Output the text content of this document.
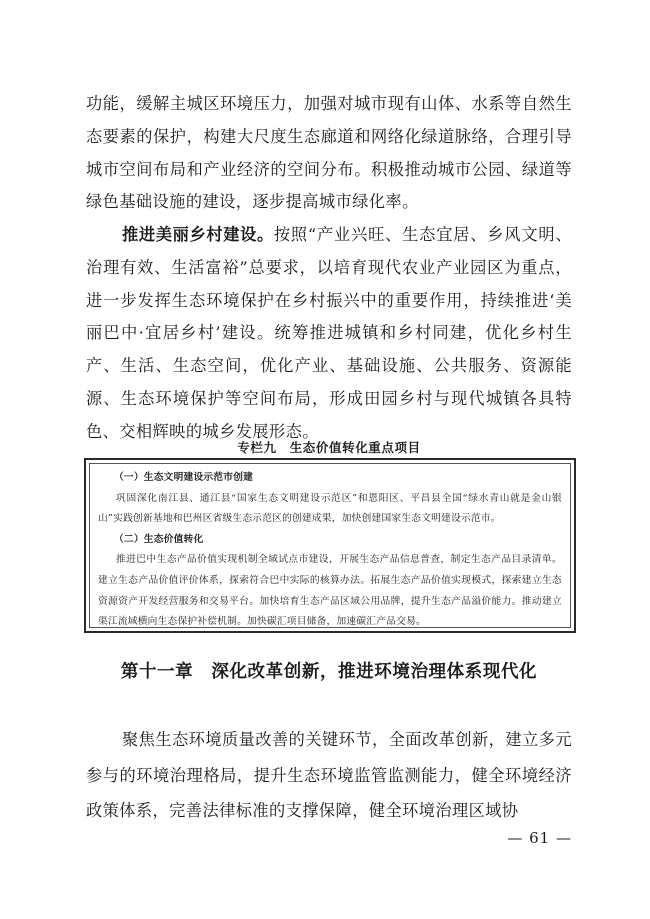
功能，缓解主城区环境压力，加强对城市现有山体、水系等自然生态要素的保护，构建大尺度生态廊道和网络化绿道脉络，合理引导城市空间布局和产业经济的空间分布。积极推动城市公园、绿道等绿色基础设施的建设，逐步提高城市绿化率。

推进美丽乡村建设。按照“产业兴旺、生态宜居、乡风文明、治理有效、生活富裕”总要求，以培育现代农业产业园区为重点，进一步发挥生态环境保护在乡村振兴中的重要作用，持续推进‘美丽巴中·宜居乡村’建设。统筹推进城镇和乡村同建，优化乡村生产、生活、生态空间，优化产业、基础设施、公共服务、资源能源、生态环境保护等空间布局，形成田园乡村与现代城镇各具特色、交相辉映的城乡发展形态。

专栏九　生态价值转化重点项目

（一）生态文明建设示范市创建

巩固深化南江县、通江县“国家生态文明建设示范区”和恩阳区、平昌县全国“绿水青山就是金山银山”实践创新基地和巴州区省级生态示范区的创建成果，加快创建国家生态文明建设示范市。

（二）生态价值转化

推进巴中生态产品价值实现机制全域试点市建设，开展生态产品信息普查，制定生态产品目录清单。建立生态产品价值评价体系，探索符合巴中实际的核算办法。拓展生态产品价值实现模式，探索建立生态资源资产开发经营服务和交易平台。加快培育生态产品区域公用品牌，提升生态产品溢价能力。推动建立渠江流域横向生态保护补偿机制。加快碳汇项目储备，加速碳汇产品交易。

第十一章　深化改革创新，推进环境治理体系现代化

聚焦生态环境质量改善的关键环节，全面改革创新，建立多元参与的环境治理格局，提升生态环境监管监测能力，健全环境经济政策体系，完善法律标准的支撑保障，健全环境治理区域协

— 61 —
